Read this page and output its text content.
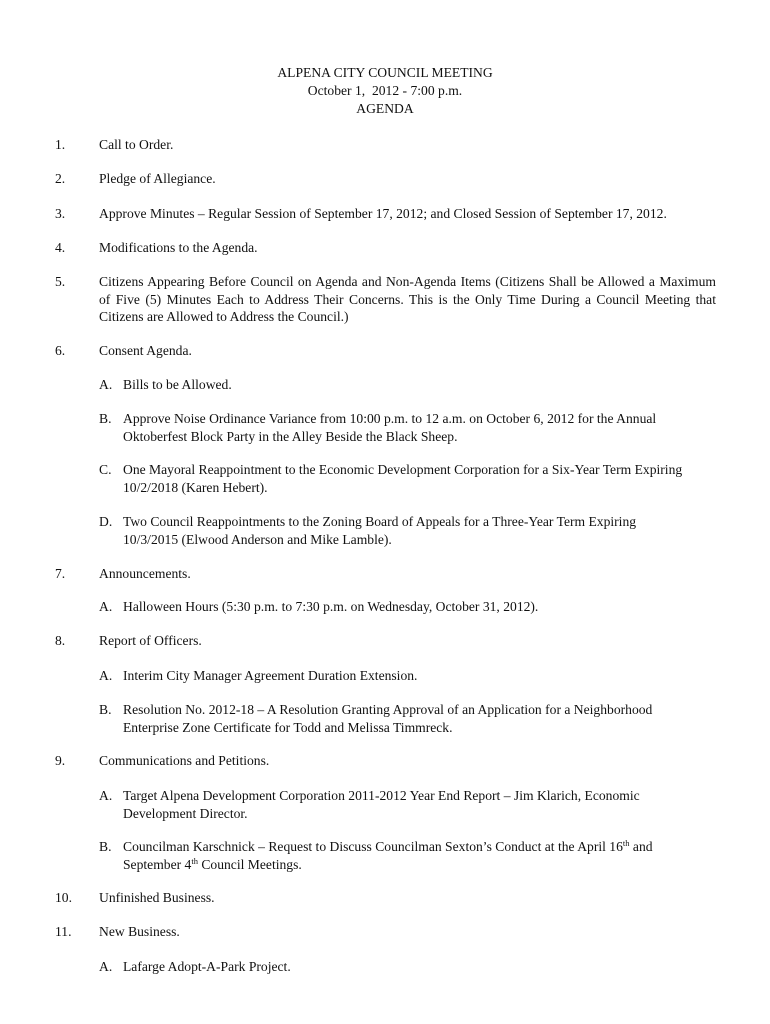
ALPENA CITY COUNCIL MEETING
October 1,  2012 - 7:00 p.m.
AGENDA
1. Call to Order.
2. Pledge of Allegiance.
3. Approve Minutes – Regular Session of September 17, 2012; and Closed Session of September 17, 2012.
4. Modifications to the Agenda.
5. Citizens Appearing Before Council on Agenda and Non-Agenda Items (Citizens Shall be Allowed a Maximum of Five (5) Minutes Each to Address Their Concerns. This is the Only Time During a Council Meeting that Citizens are Allowed to Address the Council.)
6. Consent Agenda.
A. Bills to be Allowed.
B. Approve Noise Ordinance Variance from 10:00 p.m. to 12 a.m. on October 6, 2012 for the Annual Oktoberfest Block Party in the Alley Beside the Black Sheep.
C. One Mayoral Reappointment to the Economic Development Corporation for a Six-Year Term Expiring 10/2/2018 (Karen Hebert).
D. Two Council Reappointments to the Zoning Board of Appeals for a Three-Year Term Expiring 10/3/2015 (Elwood Anderson and Mike Lamble).
7. Announcements.
A. Halloween Hours (5:30 p.m. to 7:30 p.m. on Wednesday, October 31, 2012).
8. Report of Officers.
A. Interim City Manager Agreement Duration Extension.
B. Resolution No. 2012-18 – A Resolution Granting Approval of an Application for a Neighborhood Enterprise Zone Certificate for Todd and Melissa Timmreck.
9. Communications and Petitions.
A. Target Alpena Development Corporation 2011-2012 Year End Report – Jim Klarich, Economic Development Director.
B. Councilman Karschnick – Request to Discuss Councilman Sexton’s Conduct at the April 16th and
September 4th Council Meetings.
10. Unfinished Business.
11. New Business.
A. Lafarge Adopt-A-Park Project.
